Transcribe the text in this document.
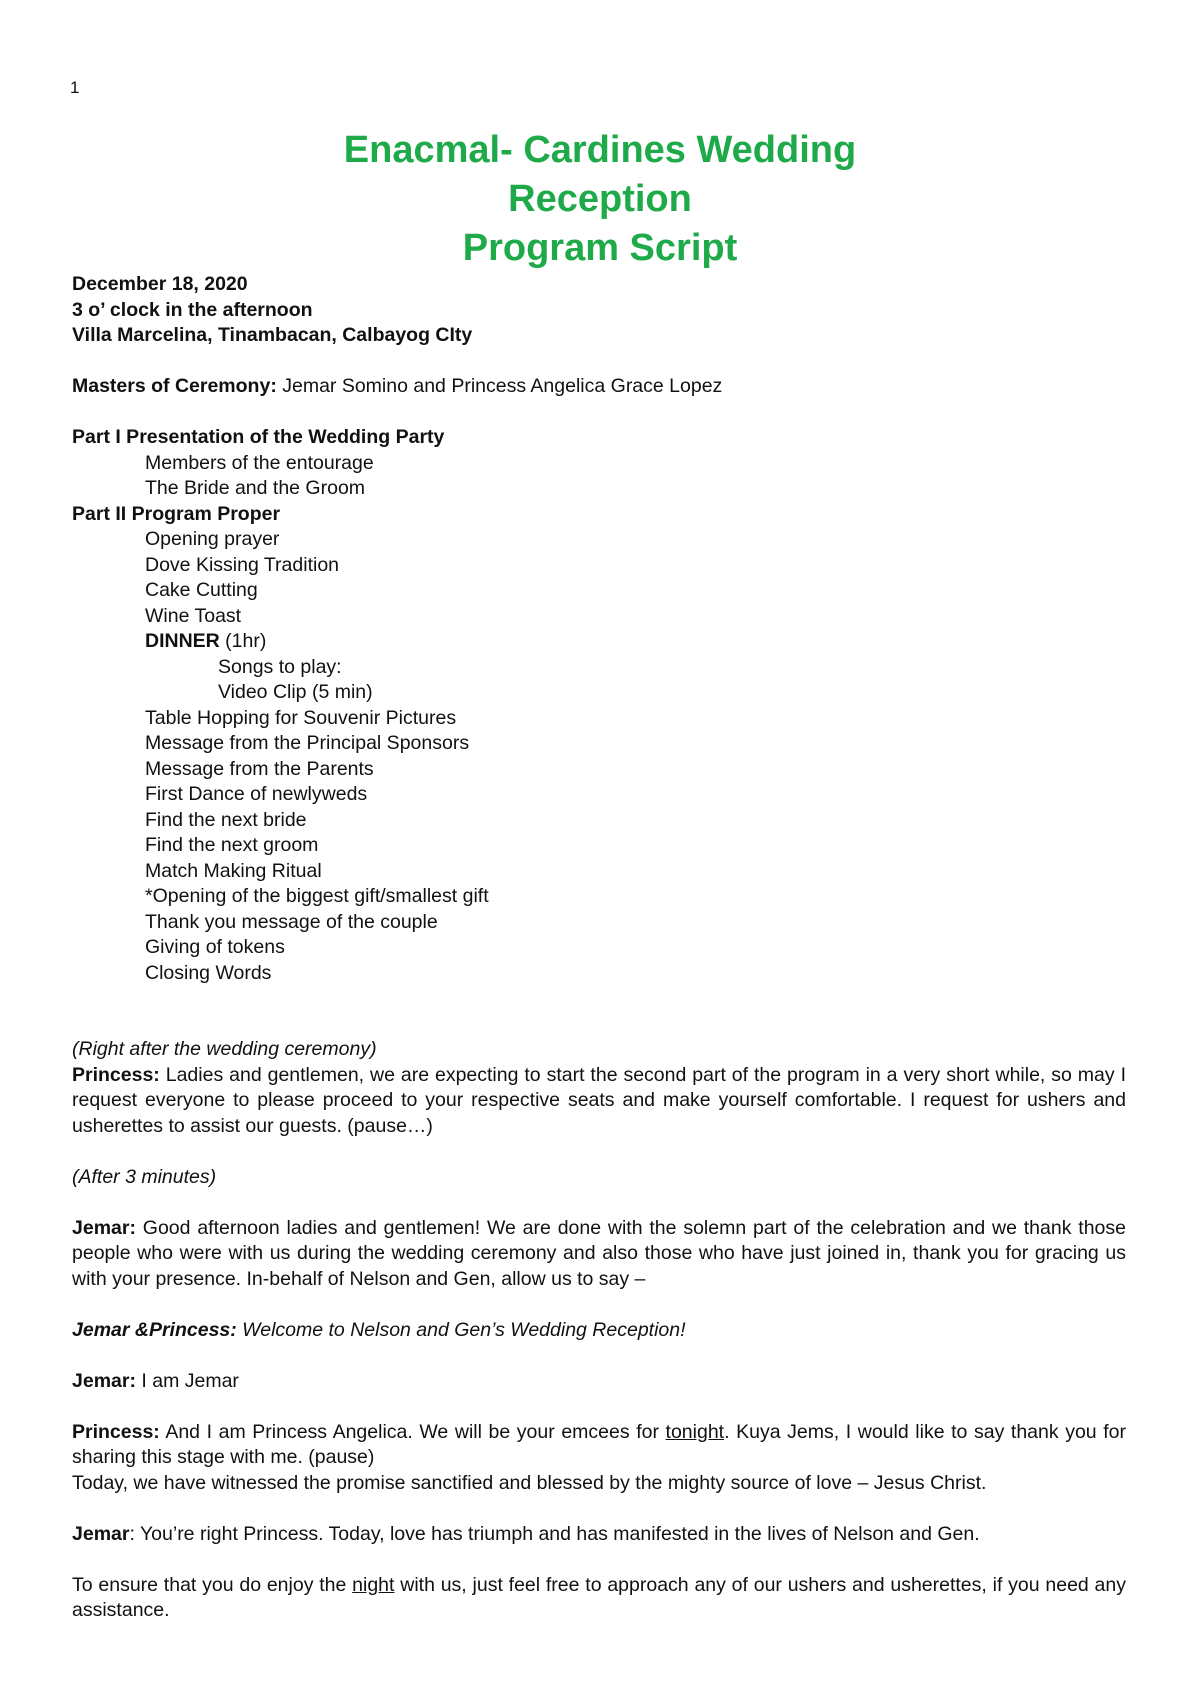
1
Enacmal- Cardines Wedding
Reception
Program Script
December 18, 2020
3 o’ clock in the afternoon
Villa Marcelina, Tinambacan, Calbayog CIty
Masters of Ceremony: Jemar Somino and Princess Angelica Grace Lopez
Part I Presentation of the Wedding Party
Members of the entourage
The Bride and the Groom
Part II Program Proper
Opening prayer
Dove Kissing Tradition
Cake Cutting
Wine Toast
DINNER (1hr)
Songs to play:
Video Clip (5 min)
Table Hopping for Souvenir Pictures
Message from the Principal Sponsors
Message from the Parents
First Dance of newlyweds
Find the next bride
Find the next groom
Match Making Ritual
*Opening of the biggest gift/smallest gift
Thank you message of the couple
Giving of tokens
Closing Words
(Right after the wedding ceremony)

Princess: Ladies and gentlemen, we are expecting to start the second part of the program in a very short while, so may I request everyone to please proceed to your respective seats and make yourself comfortable. I request for ushers and usherettes to assist our guests. (pause…)

(After 3 minutes)

Jemar: Good afternoon ladies and gentlemen! We are done with the solemn part of the celebration and we thank those people who were with us during the wedding ceremony and also those who have just joined in, thank you for gracing us with your presence. In-behalf of Nelson and Gen, allow us to say –

Jemar &Princess: Welcome to Nelson and Gen’s Wedding Reception!

Jemar: I am Jemar

Princess: And I am Princess Angelica. We will be your emcees for tonight. Kuya Jems, I would like to say thank you for sharing this stage with me. (pause)

Today, we have witnessed the promise sanctified and blessed by the mighty source of love – Jesus Christ.

Jemar: You’re right Princess. Today, love has triumph and has manifested in the lives of Nelson and Gen.

To ensure that you do enjoy the night with us, just feel free to approach any of our ushers and usherettes, if you need any assistance.
